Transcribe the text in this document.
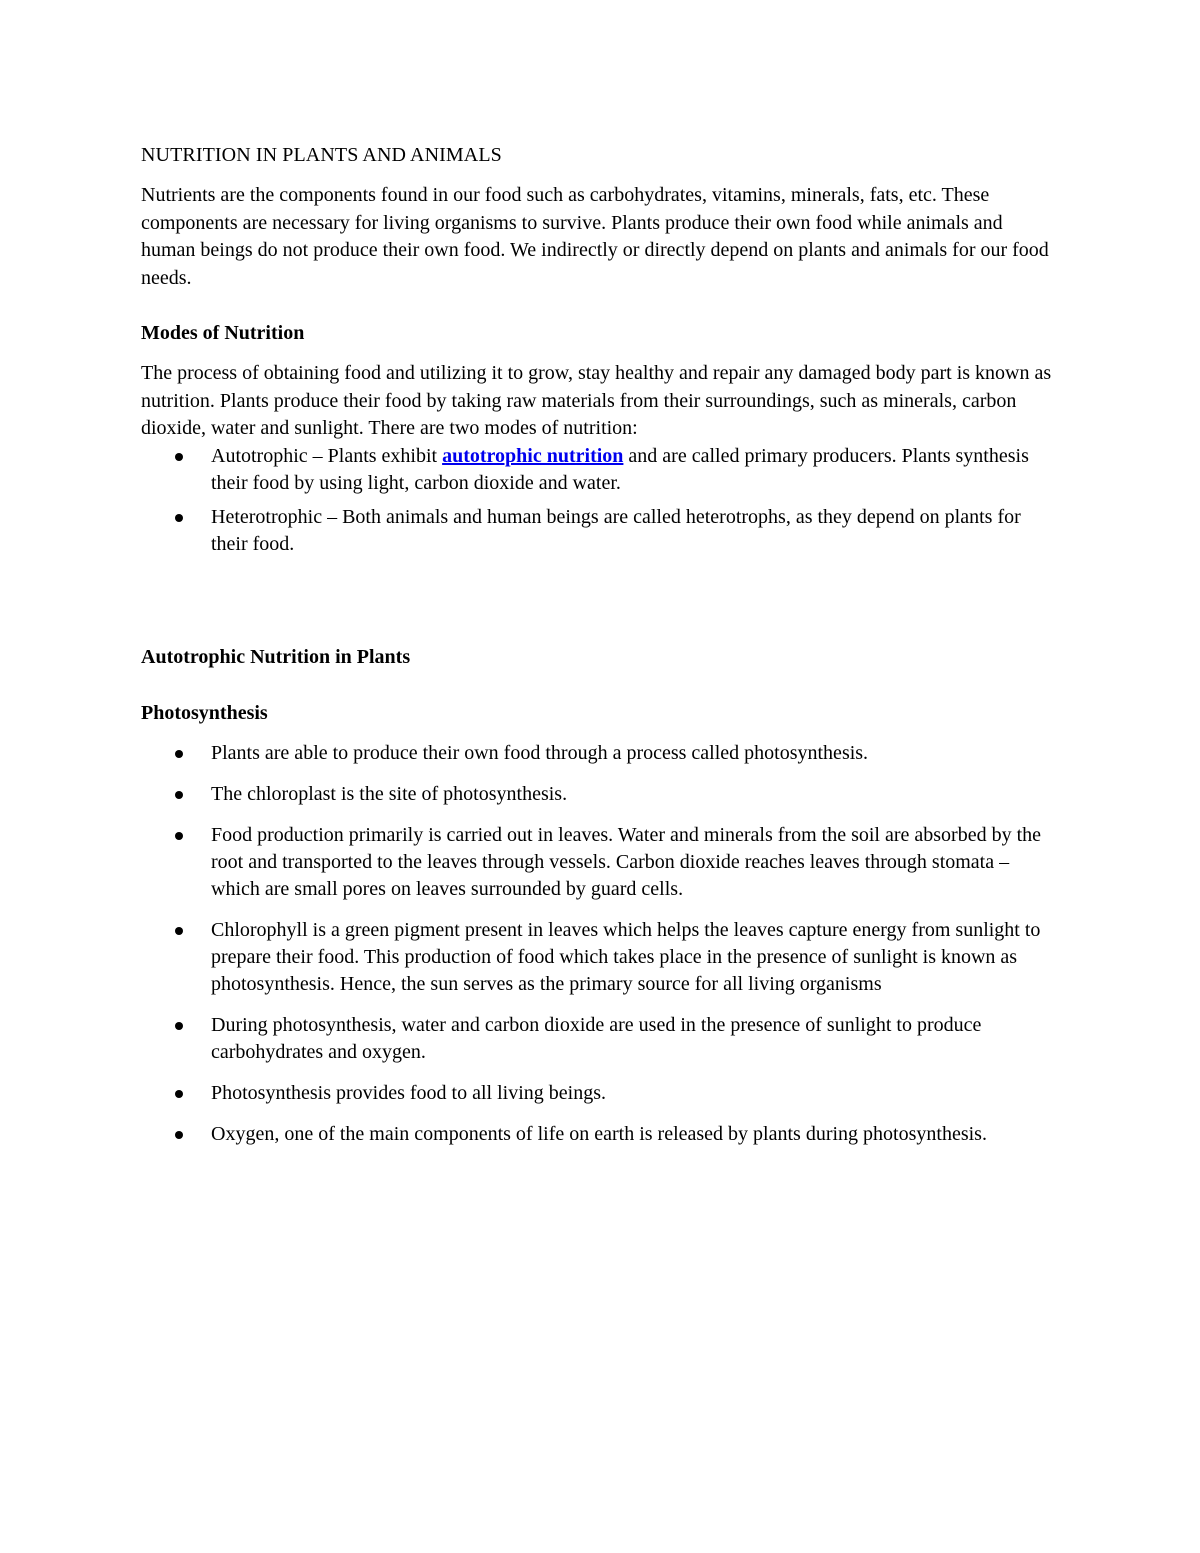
NUTRITION IN PLANTS AND ANIMALS

Nutrients are the components found in our food such as carbohydrates, vitamins, minerals, fats, etc. These components are necessary for living organisms to survive. Plants produce their own food while animals and human beings do not produce their own food. We indirectly or directly depend on plants and animals for our food needs.

Modes of Nutrition

The process of obtaining food and utilizing it to grow, stay healthy and repair any damaged body part is known as nutrition. Plants produce their food by taking raw materials from their surroundings, such as minerals, carbon dioxide, water and sunlight. There are two modes of nutrition:

Autotrophic – Plants exhibit autotrophic nutrition and are called primary producers. Plants synthesis their food by using light, carbon dioxide and water.
Heterotrophic – Both animals and human beings are called heterotrophs, as they depend on plants for their food.
Autotrophic Nutrition in Plants
Photosynthesis
Plants are able to produce their own food through a process called photosynthesis.
The chloroplast is the site of photosynthesis.
Food production primarily is carried out in leaves. Water and minerals from the soil are absorbed by the root and transported to the leaves through vessels. Carbon dioxide reaches leaves through stomata – which are small pores on leaves surrounded by guard cells.
Chlorophyll is a green pigment present in leaves which helps the leaves capture energy from sunlight to prepare their food. This production of food which takes place in the presence of sunlight is known as photosynthesis. Hence, the sun serves as the primary source for all living organisms
During photosynthesis, water and carbon dioxide are used in the presence of sunlight to produce carbohydrates and oxygen.
Photosynthesis provides food to all living beings.
Oxygen, one of the main components of life on earth is released by plants during photosynthesis.
